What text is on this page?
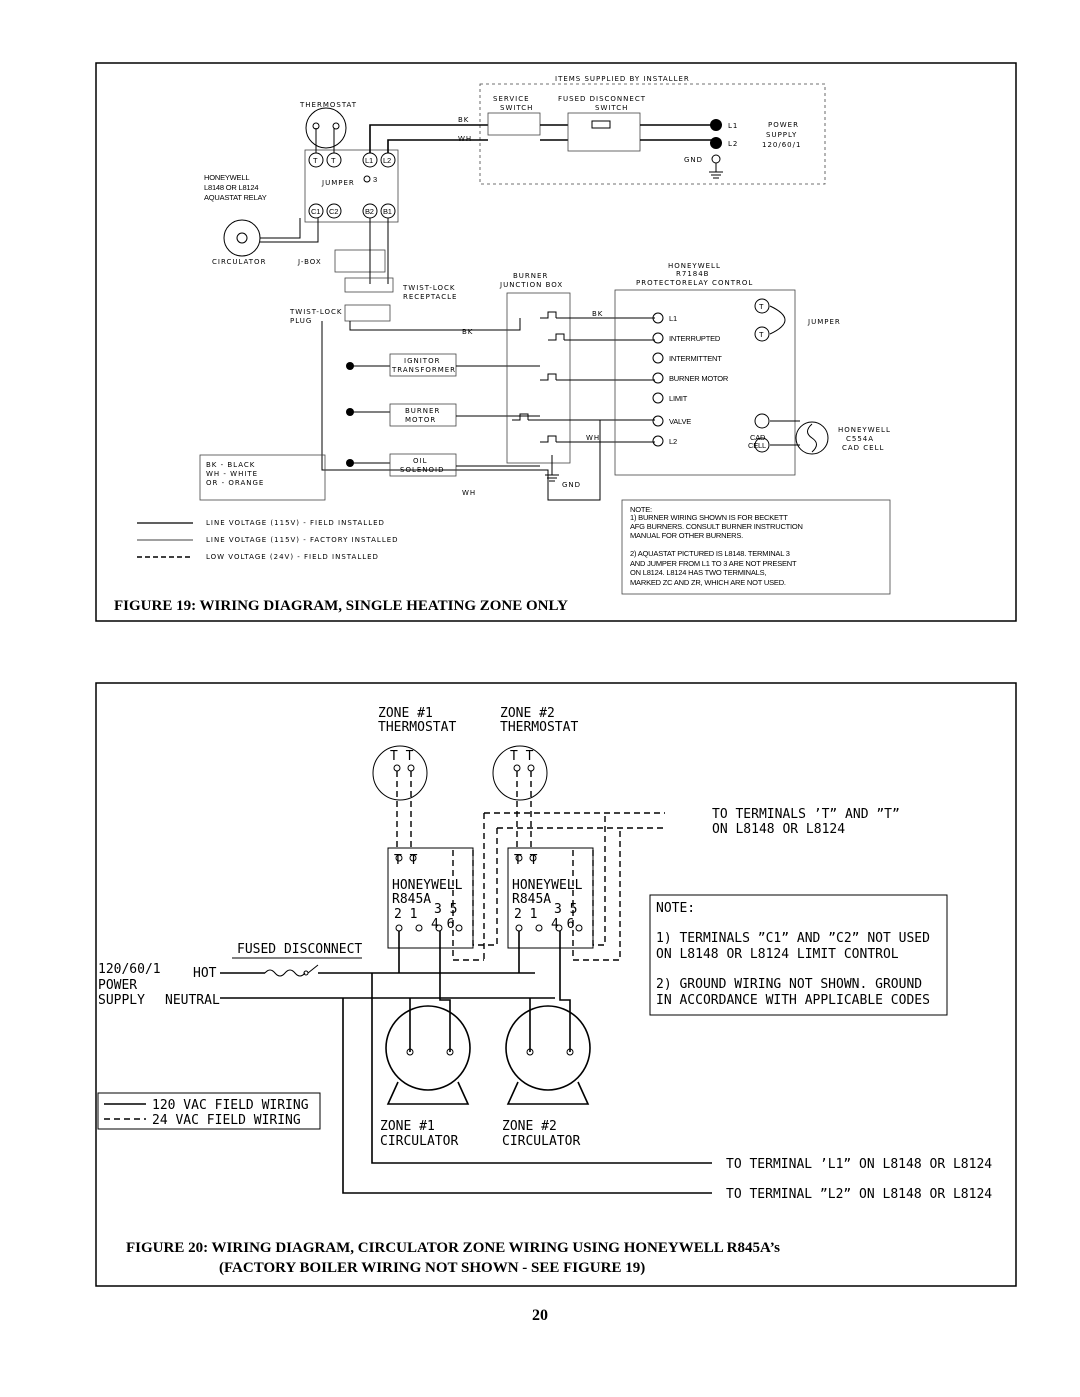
ITEMS SUPPLIED BY INSTALLER
THERMOSTAT
T T	L1 L2
3
JUMPER
C1 C2	B2 B1
HONEYWELL
L8148 OR L8124
AQUASTAT RELAY
BK
WH
SERVICE
SWITCH
FUSED DISCONNECT
SWITCH
L1
L2
GND
POWER
SUPPLY
120/60/1
CIRCULATOR	J-BOX
TWIST-LOCK
RECEPTACLE
TWIST-LOCK
PLUG
BK
IGNITOR
TRANSFORMER
BURNER
MOTOR
OIL
SOLENOID
WH
BURNER
JUNCTION BOX
GND
BK
WH
HONEYWELL
R7184B
PROTECTORELAY CONTROL
L1
INTERRUPTED
INTERMITTENT
BURNER MOTOR
LIMIT
VALVE
L2
T
T
JUMPER
CAD
CELL
HONEYWELL
C554A
CAD CELL
BK - BLACK
WH - WHITE
OR - ORANGE
LINE VOLTAGE (115V) - FIELD INSTALLED
LINE VOLTAGE (115V) - FACTORY INSTALLED
LOW VOLTAGE (24V) - FIELD INSTALLED
NOTE:
1) BURNER WIRING SHOWN IS FOR BECKETT
AFG BURNERS. CONSULT BURNER INSTRUCTION
MANUAL FOR OTHER BURNERS.
2) AQUASTAT PICTURED IS L8148. TERMINAL 3
AND JUMPER FROM L1 TO 3 ARE NOT PRESENT
ON L8124. L8124 HAS TWO TERMINALS,
MARKED ZC AND ZR, WHICH ARE NOT USED.
FIGURE 19: WIRING DIAGRAM, SINGLE HEATING ZONE ONLY
ZONE #1
THERMOSTAT
ZONE #2
THERMOSTAT
T T	T T
TO TERMINALS ’T” AND ”T”
ON L8148 OR L8124
T T
HONEYWELL
R845A
2 1 3 5
4 6
T T
HONEYWELL
R845A
2 1 3 5
4 6
FUSED DISCONNECT
120/60/1
POWER
SUPPLY
HOT
NEUTRAL
ZONE #1
CIRCULATOR
ZONE #2
CIRCULATOR
TO TERMINAL ’L1” ON L8148 OR L8124
TO TERMINAL ”L2” ON L8148 OR L8124
NOTE:
1) TERMINALS ”C1” AND ”C2” NOT USED
ON L8148 OR L8124 LIMIT CONTROL
2) GROUND WIRING NOT SHOWN. GROUND
IN ACCORDANCE WITH APPLICABLE CODES
120 VAC FIELD WIRING
24 VAC FIELD WIRING
FIGURE 20: WIRING DIAGRAM, CIRCULATOR ZONE WIRING USING HONEYWELL R845A’s
(FACTORY BOILER WIRING NOT SHOWN - SEE FIGURE 19)
20
